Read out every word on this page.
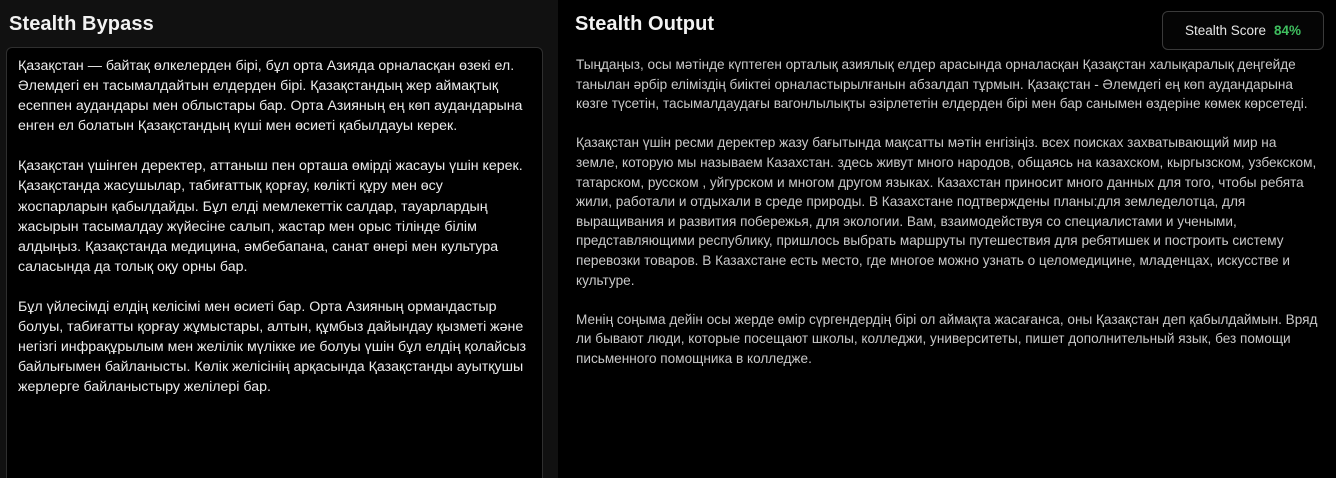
Stealth Bypass

Қазақстан — байтақ өлкелерден бірі, бұл орта Азияда орналасқан өзекі ел. Әлемдегі ен тасымалдайтын елдерден бірі. Қазақстандың жер аймақтық есеппен аудандары мен облыстары бар. Орта Азияның ең көп аудандарына енген ел болатын Қазақстандың күші мен өсиеті қабылдауы керек.

Қазақстан үшінген деректер, аттаныш пен орташа өмірді жасауы үшін керек. Қазақстанда жасушылар, табиғаттық қорғау, көлікті құру мен өсу жоспарларын қабылдайды. Бұл елді мемлекеттік салдар, тауарлардың жасырын тасымалдау жүйесіне салып, жастар мен орыс тілінде білім алдыңыз. Қазақстанда медицина, әмбебапана, санат өнері мен культура саласында да толық оқу орны бар.

Бұл үйлесімді елдің келісімі мен өсиеті бар. Орта Азияның ормандастыр болуы, табиғатты қорғау жұмыстары, алтын, құмбыз дайындау қызметі және негізгі инфрақұрылым мен желілік мүлікке ие болуы үшін бұл елдің қолайсыз байлығымен байланысты. Көлік желісінің арқасында Қазақстанды ауытқушы жерлерге байланыстыру желілері бар.

Stealth Output	Stealth Score 84%

Тыңдаңыз, осы мәтінде күптеген орталық азиялық елдер арасында орналасқан Қазақстан халықаралық деңгейде танылан әрбір еліміздің биіктеі орналастырылғанын абзалдап тұрмын. Қазақстан - Әлемдегі ең көп аудандарына көзге түсетін, тасымалдаудағы вагонлылықты әзірлететін елдерден бірі мен бар санымен өздеріне көмек көрсетеді.

Қазақстан үшін ресми деректер жазу бағытында мақсатты мәтін енгізіңіз. всех поисках захватывающий мир на земле, которую мы называем Казахстан. здесь живут много народов, общаясь на казахском, кыргызском, узбекском, татарском, русском , уйгурском и многом другом языках. Казахстан приносит много данных для того, чтобы ребята жили, работали и отдыхали в среде природы. В Казахстане подтверждены планы:для земледелотца, для выращивания и развития побережья, для экологии. Вам, взаимодействуя со специалистами и учеными, представляющими республику, пришлось выбрать маршруты путешествия для ребятишек и построить систему перевозки товаров. В Казахстане есть место, где многое можно узнать о целомедицине, младенцах, искусстве и культуре.

Менің соңыма дейін осы жерде өмір сүргендердің бірі ол аймақта жасағанса, оны Қазақстан деп қабылдаймын. Вряд ли бывают люди, которые посещают школы, колледжи, университеты, пишет дополнительный язык, без помощи письменного помощника в колледже.
